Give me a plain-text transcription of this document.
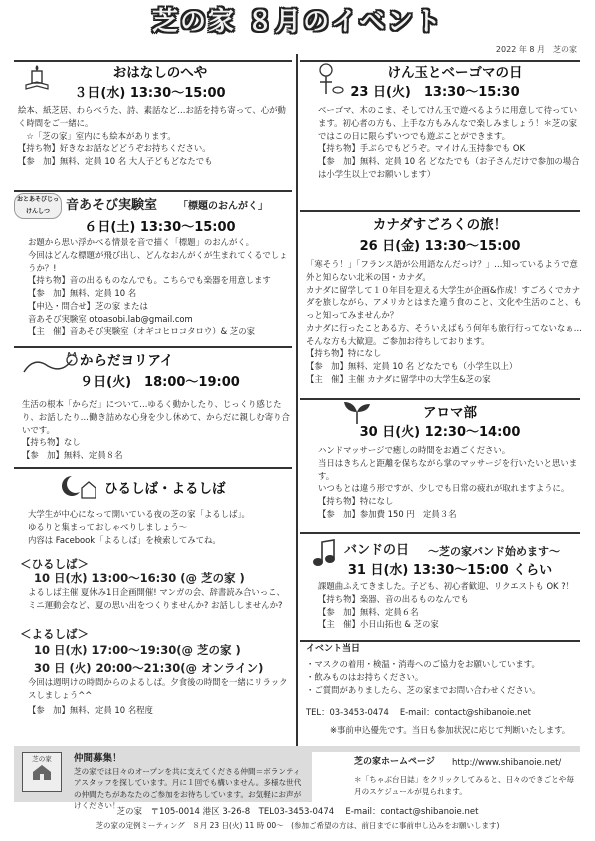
芝の家 ８月のイベント
2022 年 8 月　芝の家
おはなしのへや
３日(水) 13:30～15:00

絵本、紙芝居、わらべうた、詩、素話など…お話を持ち寄って、心が動く時間をご一緒に。

　☆「芝の家」室内にも絵本があります。

【持ち物】好きなお話などどうぞお持ちください。

【参　加】無料、定員 10 名 大人子どもどなたでも

おとあそびじっけんしつ	音あそび実験室 「標題のおんがく」
６日(土) 13:30～15:00

お題から思い浮かべる情景を音で描く「標題」のおんがく。

今回はどんな標題が飛び出し、どんなおんがくが生まれてくるでしょうか？!

【持ち物】音の出るものなんでも。こちらでも楽器を用意します

【参　加】無料、定員 10 名

【申込・問合せ】芝の家 または

音あそび実験室 otoasobi.lab@gmail.com

【主　催】音あそび実験室（オギコヒロコタロウ）& 芝の家

からだヨリアイ
９日(火)　18:00～19:00

生活の根本「からだ」について…ゆるく動かしたり、じっくり感じたり、お話したり…働き詰めな心身を少し休めて、からだに親しむ寄り合いです。

【持ち物】なし

【参　加】無料、定員８名

ひるしば・よるしば

大学生が中心になって開いている夜の芝の家「よるしば」。

ゆるりと集まっておしゃべりしましょう～

内容は Facebook「よるしば」を検索してみてね。

＜ひるしば＞
10 日(水) 13:00～16:30 (@ 芝の家 )
よるしば主催 夏休み1日企画開催! マンガの会、辞書読み合いっこ、ミニ運動会など、夏の思い出をつくりませんか? お話ししませんか?
＜よるしば＞
10 日(水) 17:00～19:30(@ 芝の家 )
30 日 (火) 20:00～21:30(@ オンライン)
今回は週明けの時間からのよるしば。夕食後の時間を一緒にリラックスしましょう^^
【参　加】無料、定員 10 名程度
けん玉とベーゴマの日
23 日(火)　13:30～15:30

ベーゴマ、木のこま、そしてけん玉で遊べるように用意して待っています。初心者の方も、上手な方もみんなで楽しみましょう！＊芝の家ではこの日に限らずいつでも遊ぶことができます。

【持ち物】手ぶらでもどうぞ。マイけん玉持参でも OK

【参　加】無料、定員 10 名 どなたでも（お子さんだけで参加の場合は小学生以上でお願いします）

カナダすごろくの旅！
26 日(金) 13:30～15:00

「寒そう！」「フランス語が公用語なんだっけ？」…知っているようで意外と知らない北米の国・カナダ。

カナダに留学して１０年目を迎える大学生が企画&作成！すごろくでカナダを旅しながら、アメリカとはまた違う食のこと、文化や生活のこと、もっと知ってみませんか？

カナダに行ったことある方、そういえばもう何年も旅行行ってないなぁ…そんな方も大歓迎。ご参加お待ちしております。

【持ち物】特になし

【参　加】無料、定員 10 名 どなたでも（小学生以上）

【主　催】主催 カナダに留学中の大学生&芝の家

アロマ部
30 日(火) 12:30～14:00

ハンドマッサージで癒しの時間をお過ごください。

当日はきちんと距離を保ちながら掌のマッサージを行いたいと思います。

いつもとは違う形ですが、少しでも日常の疲れが取れますように。

【持ち物】特になし

【参　加】参加費 150 円　定員３名

バンドの日 ～芝の家バンド始めます～
31 日(水) 13:30～15:00 くらい

課題曲ふえてきました。子ども、初心者歓迎、リクエストも OK ?！

【持ち物】楽器、音の出るものなんでも

【参　加】無料、定員６名

【主　催】小日山拓也 & 芝の家

イベント当日

・マスクの着用・検温・消毒へのご協力をお願いしています。

・飲みものはお持ちください。

・ご質問がありましたら、芝の家までお問い合わせください。

TEL：03-3453-0474　 E-mail：contact@shibanoie.net
※事前申込優先です。当日も参加状況に応じて判断いたします。
芝の家	仲間募集！
芝の家では日々のオープンを共に支えてくださる仲間＝ボランティアスタッフを探しています。月に１回でも構いません。多様な世代の仲間たちがあなたのご参加をお待ちしています。お気軽にお声がけください！
芝の家ホームページ http://www.shibanoie.net/
＊「ちゃぶ台日誌」をクリックしてみると、日々のできごとや毎月のスケジュールが見られます。
芝の家　〒105-0014 港区 3-26-8　TEL03-3453-0474　 E-mail：contact@shibanoie.net
芝の家の定例ミーティング　８月 23 日(火) 11 時 00～　(参加ご希望の方は、前日までに事前申し込みをお願いします)
